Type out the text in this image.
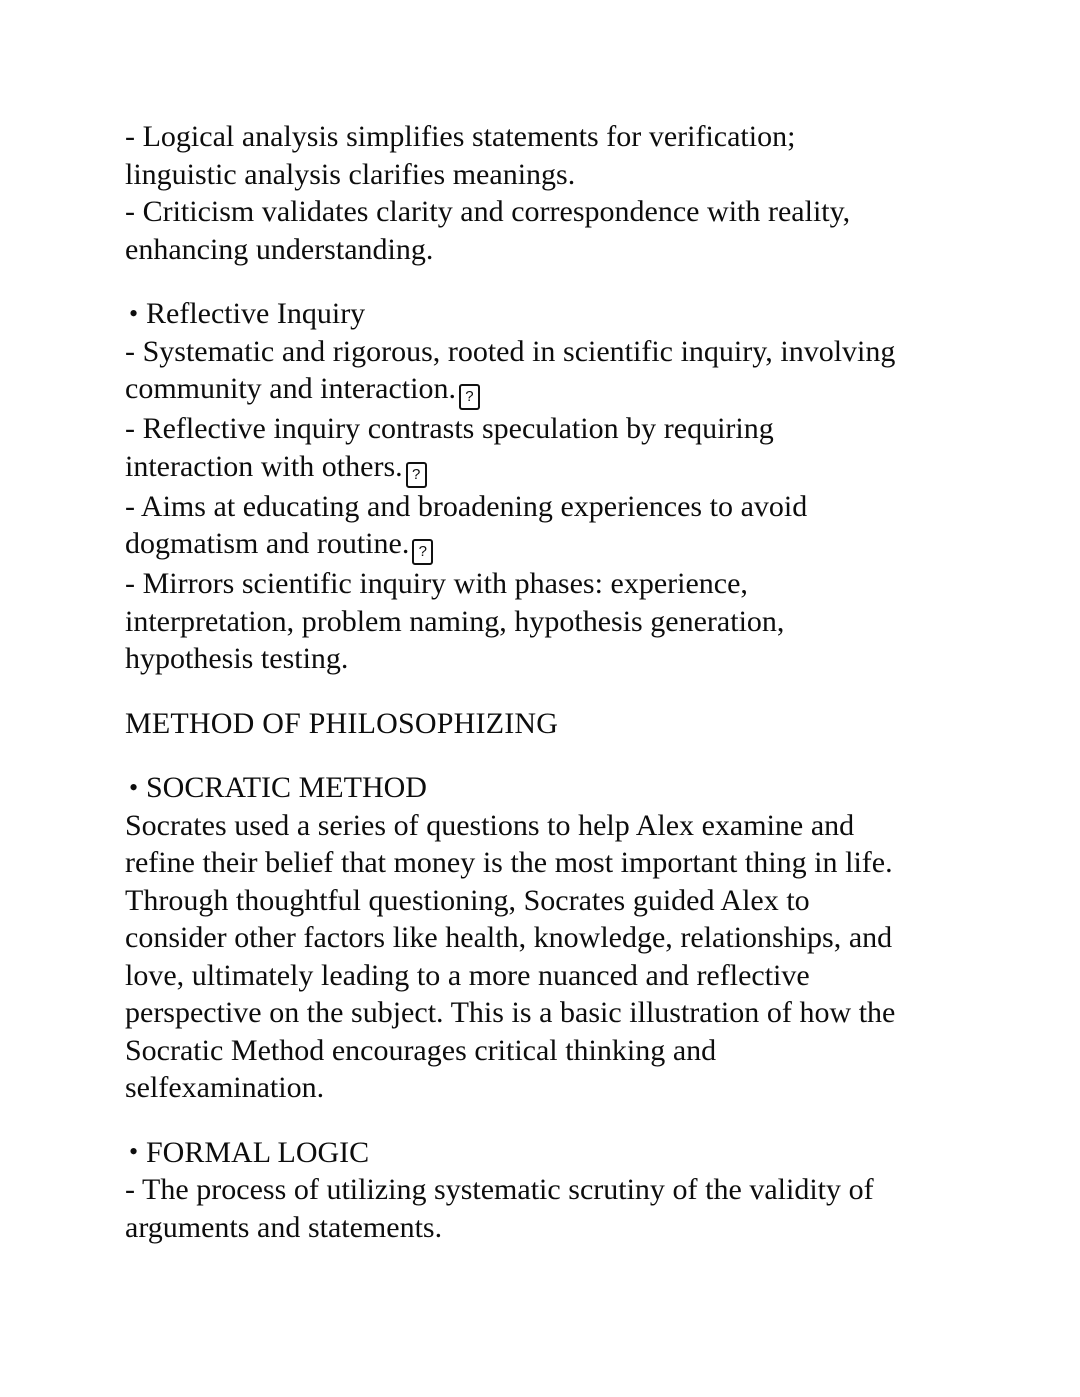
- Logical analysis simplifies statements for verification;
linguistic analysis clarifies meanings.
- Criticism validates clarity and correspondence with reality,
enhancing understanding.

• Reflective Inquiry
- Systematic and rigorous, rooted in scientific inquiry, involving
community and interaction. ?
- Reflective inquiry contrasts speculation by requiring
interaction with others. ?
- Aims at educating and broadening experiences to avoid
dogmatism and routine. ?
- Mirrors scientific inquiry with phases: experience,
interpretation, problem naming, hypothesis generation,
hypothesis testing.

METHOD OF PHILOSOPHIZING

• SOCRATIC METHOD
Socrates used a series of questions to help Alex examine and
refine their belief that money is the most important thing in life.
Through thoughtful questioning, Socrates guided Alex to
consider other factors like health, knowledge, relationships, and
love, ultimately leading to a more nuanced and reflective
perspective on the subject. This is a basic illustration of how the
Socratic Method encourages critical thinking and
selfexamination.

• FORMAL LOGIC
- The process of utilizing systematic scrutiny of the validity of
arguments and statements.
